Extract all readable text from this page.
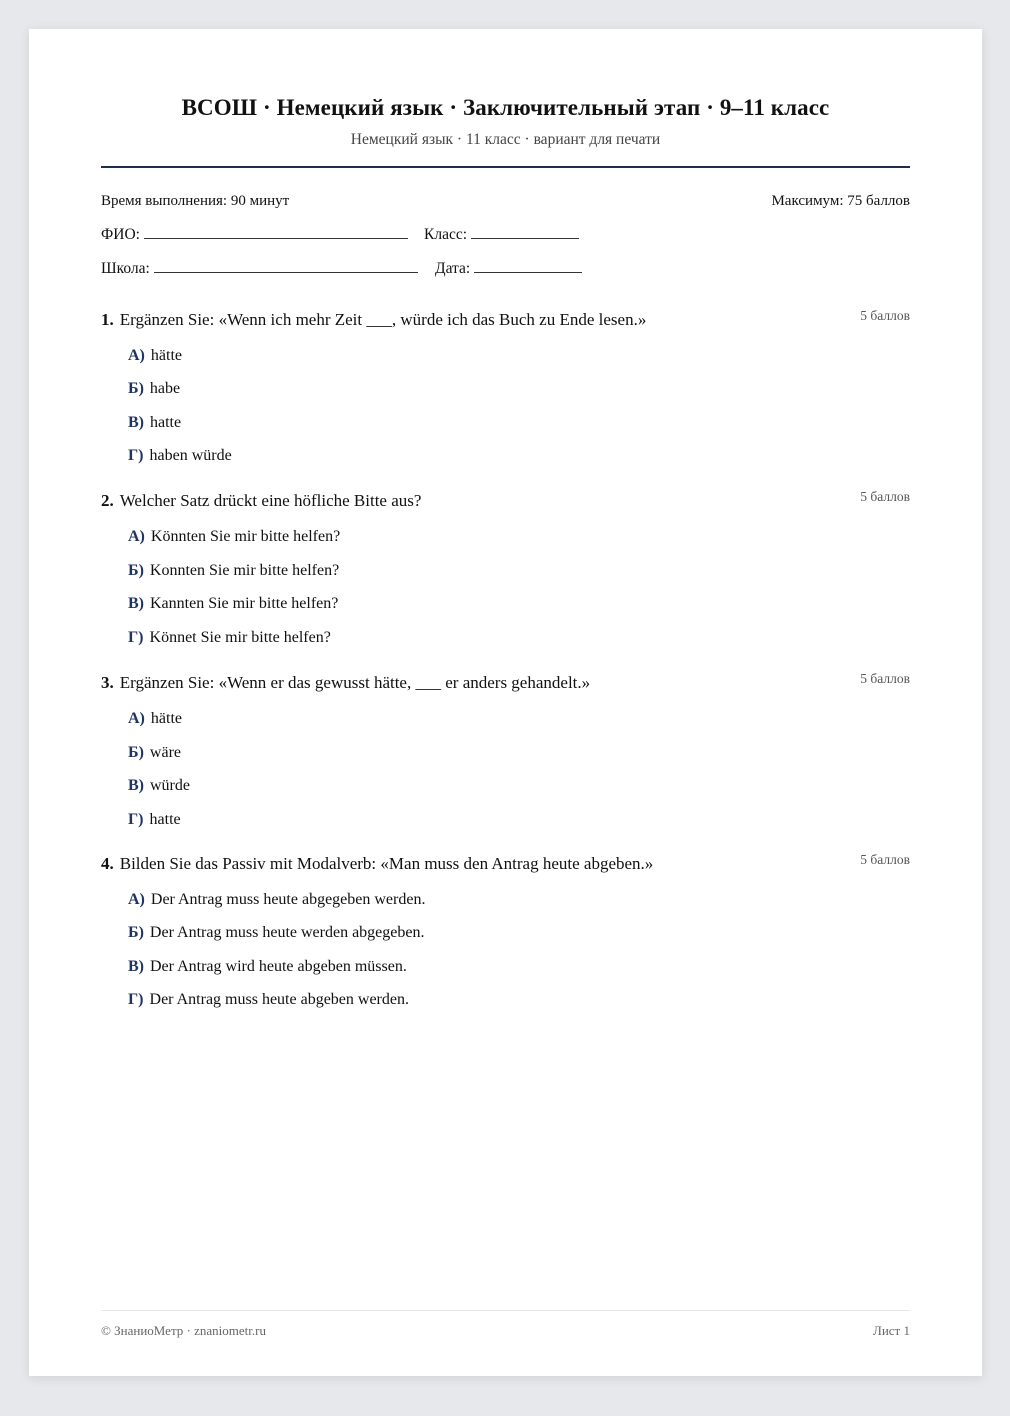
ВСОШ · Немецкий язык · Заключительный этап · 9–11 класс
Немецкий язык · 11 класс · вариант для печати
Время выполнения: 90 минут	Максимум: 75 баллов
ФИО:	Класс:
Школа:	Дата:
1. Ergänzen Sie: «Wenn ich mehr Zeit ___, würde ich das Buch zu Ende lesen.»	5 баллов
А) hätte
Б) habe
В) hatte
Г) haben würde
2. Welcher Satz drückt eine höfliche Bitte aus?	5 баллов
А) Könnten Sie mir bitte helfen?
Б) Konnten Sie mir bitte helfen?
В) Kannten Sie mir bitte helfen?
Г) Könnet Sie mir bitte helfen?
3. Ergänzen Sie: «Wenn er das gewusst hätte, ___ er anders gehandelt.»	5 баллов
А) hätte
Б) wäre
В) würde
Г) hatte
4. Bilden Sie das Passiv mit Modalverb: «Man muss den Antrag heute abgeben.»	5 баллов
А) Der Antrag muss heute abgegeben werden.
Б) Der Antrag muss heute werden abgegeben.
В) Der Antrag wird heute abgeben müssen.
Г) Der Antrag muss heute abgeben werden.
© ЗнаниоМетр · znaniometr.ru	Лист 1
